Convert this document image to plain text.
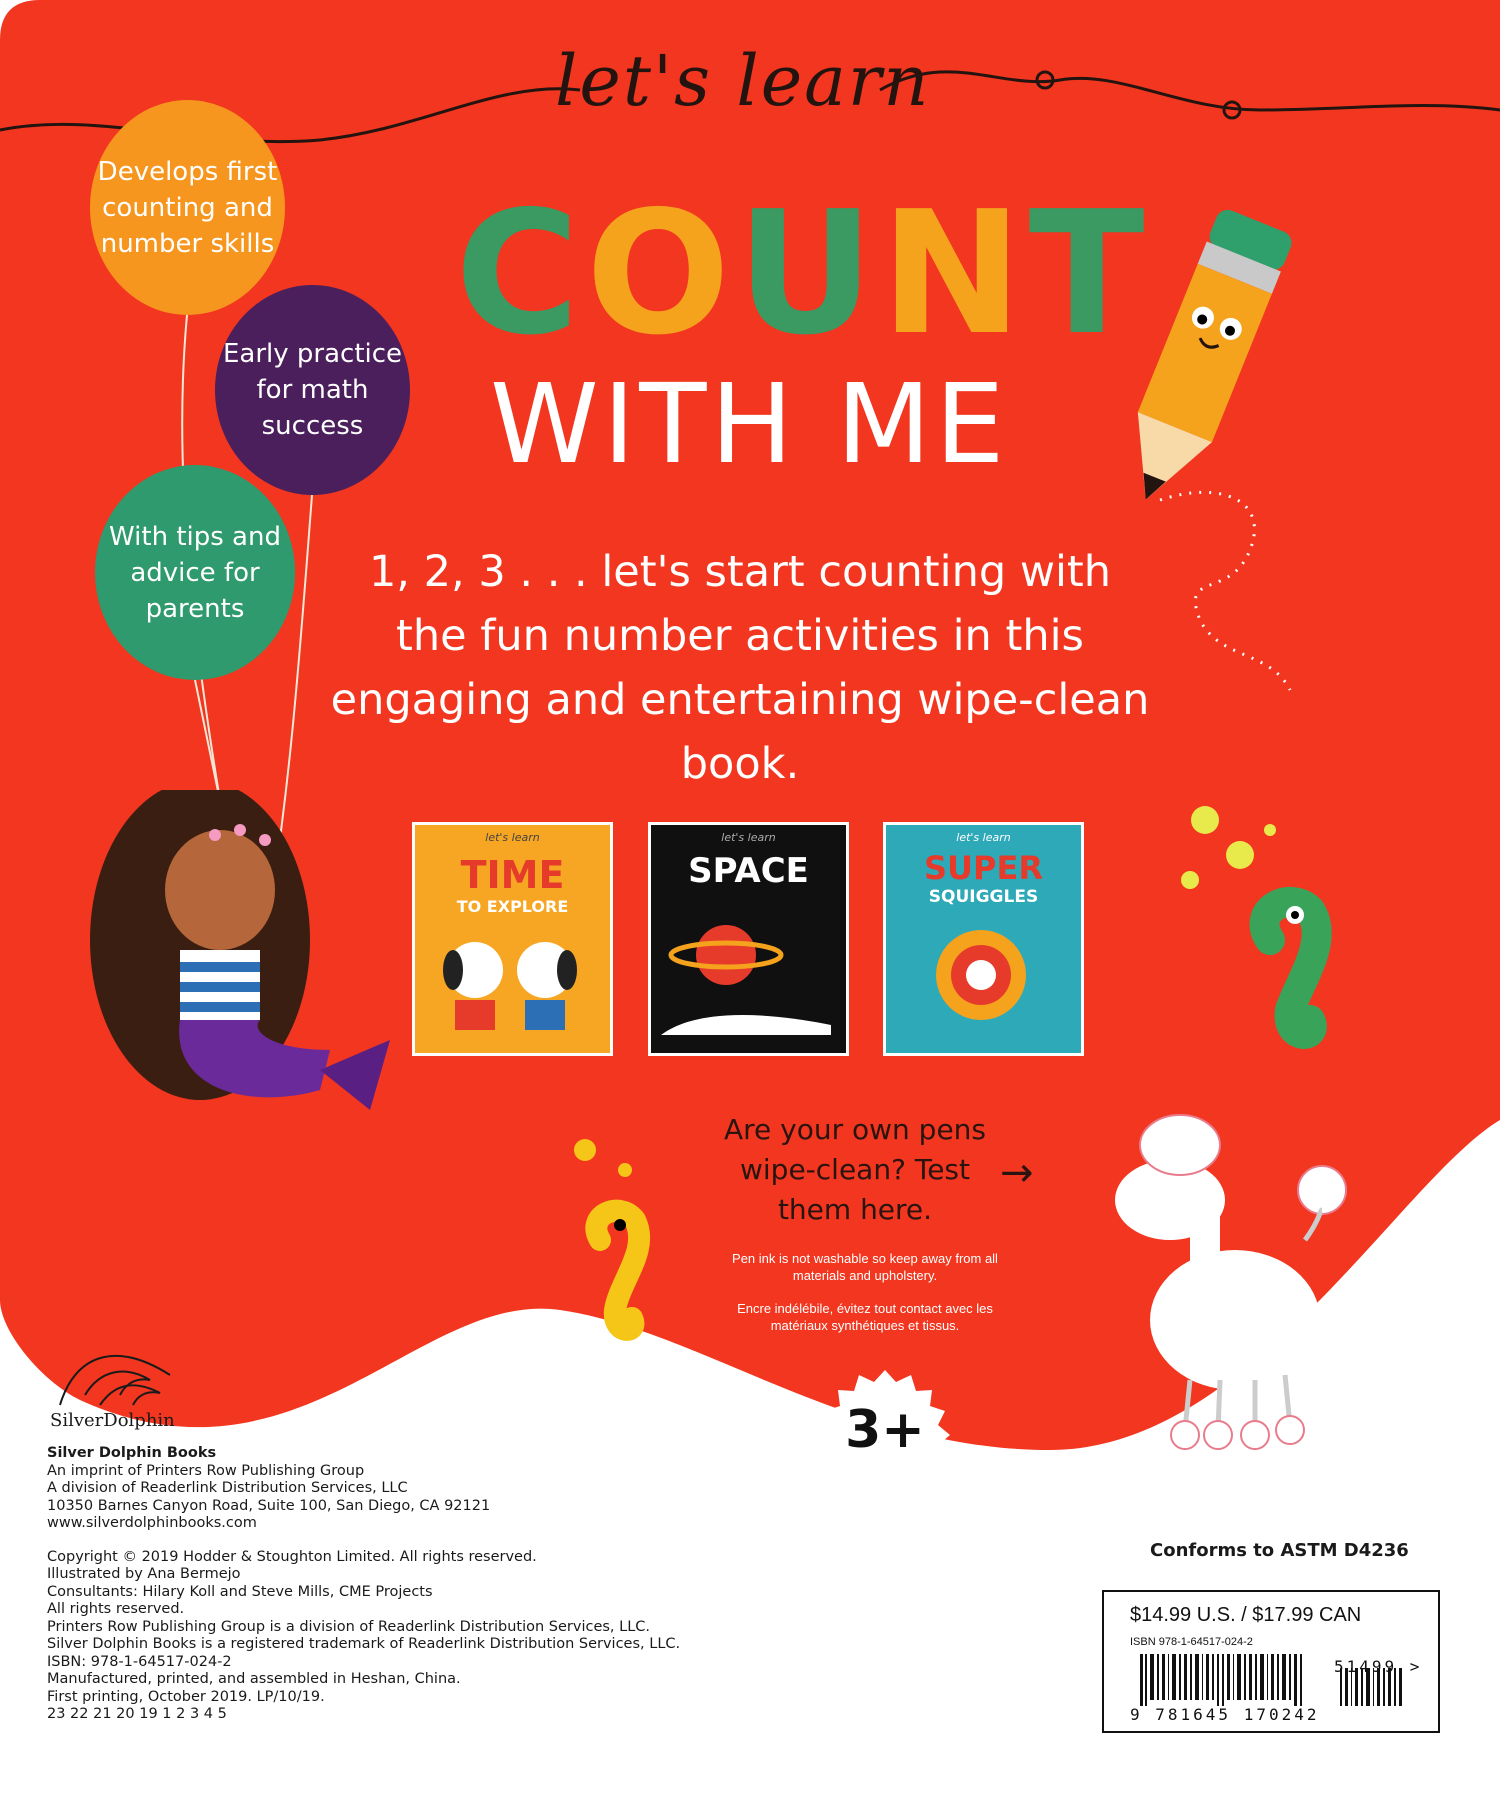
let's learn
COUNT
WITH ME
Develops first counting and number skills
Early practice for math success
With tips and advice for parents
1, 2, 3 . . . let's start counting with the fun number activities in this engaging and entertaining wipe-clean book.
let's learn
TIME
TO EXPLORE
let's learn
SPACE
let's learn
SUPER
SQUIGGLES
Are your own pens wipe-clean? Test them here.
→
Pen ink is not washable so keep away from all materials and upholstery.
Encre indélébile, évitez tout contact avec les matériaux synthétiques et tissus.
3+
SilverDolphin
Silver Dolphin Books
An imprint of Printers Row Publishing Group
A division of Readerlink Distribution Services, LLC
10350 Barnes Canyon Road, Suite 100, San Diego, CA 92121
www.silverdolphinbooks.com
Copyright © 2019 Hodder & Stoughton Limited. All rights reserved.
Illustrated by Ana Bermejo
Consultants: Hilary Koll and Steve Mills, CME Projects
All rights reserved.
Printers Row Publishing Group is a division of Readerlink Distribution Services, LLC.
Silver Dolphin Books is a registered trademark of Readerlink Distribution Services, LLC.
ISBN: 978-1-64517-024-2
Manufactured, printed, and assembled in Heshan, China.
First printing, October 2019. LP/10/19.
23 22 21 20 19 1 2 3 4 5
Conforms to ASTM D4236
$14.99 U.S. / $17.99 CAN
ISBN 978-1-64517-024-2
9 781645 170242
51499 >
